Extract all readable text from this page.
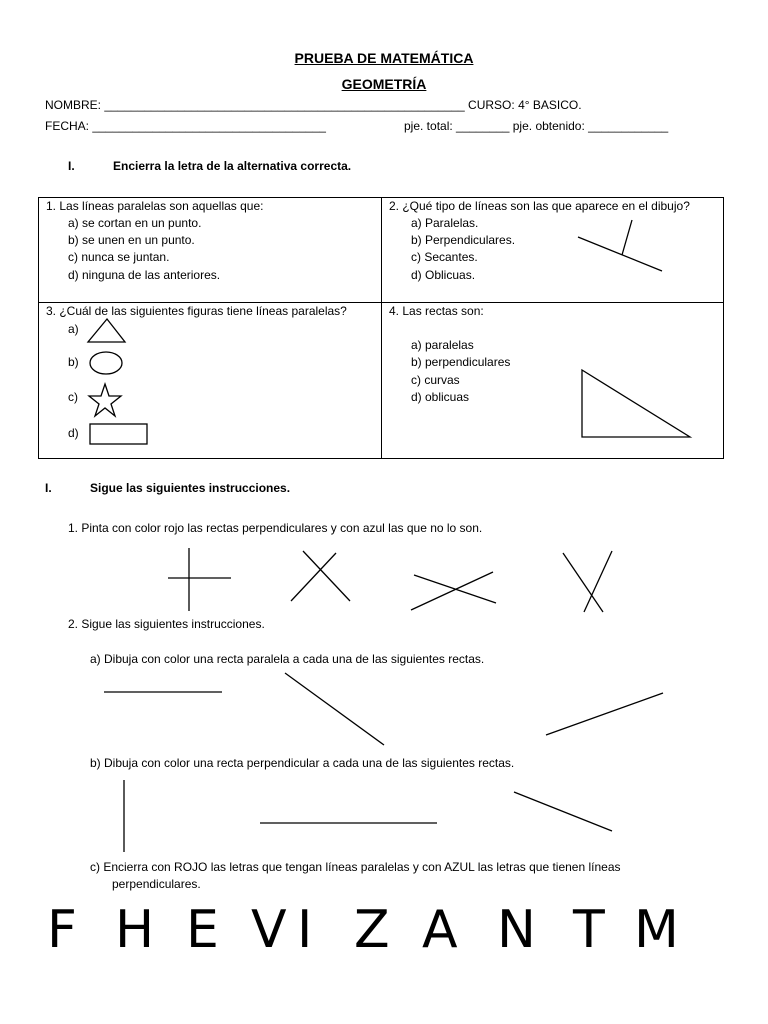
PRUEBA DE MATEMÁTICA
GEOMETRÍA
NOMBRE: ______________________________________________________ CURSO: 4° BASICO.
FECHA: ___________________________________	pje. total: ________ pje. obtenido: ____________
I.	Encierra la letra de la alternativa correcta.
1. Las líneas paralelas son aquellas que:
a) se cortan en un punto.
b) se unen en un punto.
c) nunca se juntan.
d) ninguna de las anteriores.
2. ¿Qué tipo de líneas son las que aparece en el dibujo?
a) Paralelas.
b) Perpendiculares.
c) Secantes.
d) Oblicuas.
3. ¿Cuál de las siguientes figuras tiene líneas paralelas?
a)
b)
c)
d)
4. Las rectas son:
a) paralelas
b) perpendiculares
c) curvas
d) oblicuas
I.	Sigue las siguientes instrucciones.
1. Pinta con color rojo las rectas perpendiculares y con azul las que no lo son.
2. Sigue las siguientes instrucciones.
a) Dibuja con color una recta paralela a cada una de las siguientes rectas.
b) Dibuja con color una recta perpendicular a cada una de las siguientes rectas.
c) Encierra con ROJO las letras que tengan líneas paralelas y con AZUL las letras que tienen líneas
perpendiculares.
F H E V I Z A N T M
